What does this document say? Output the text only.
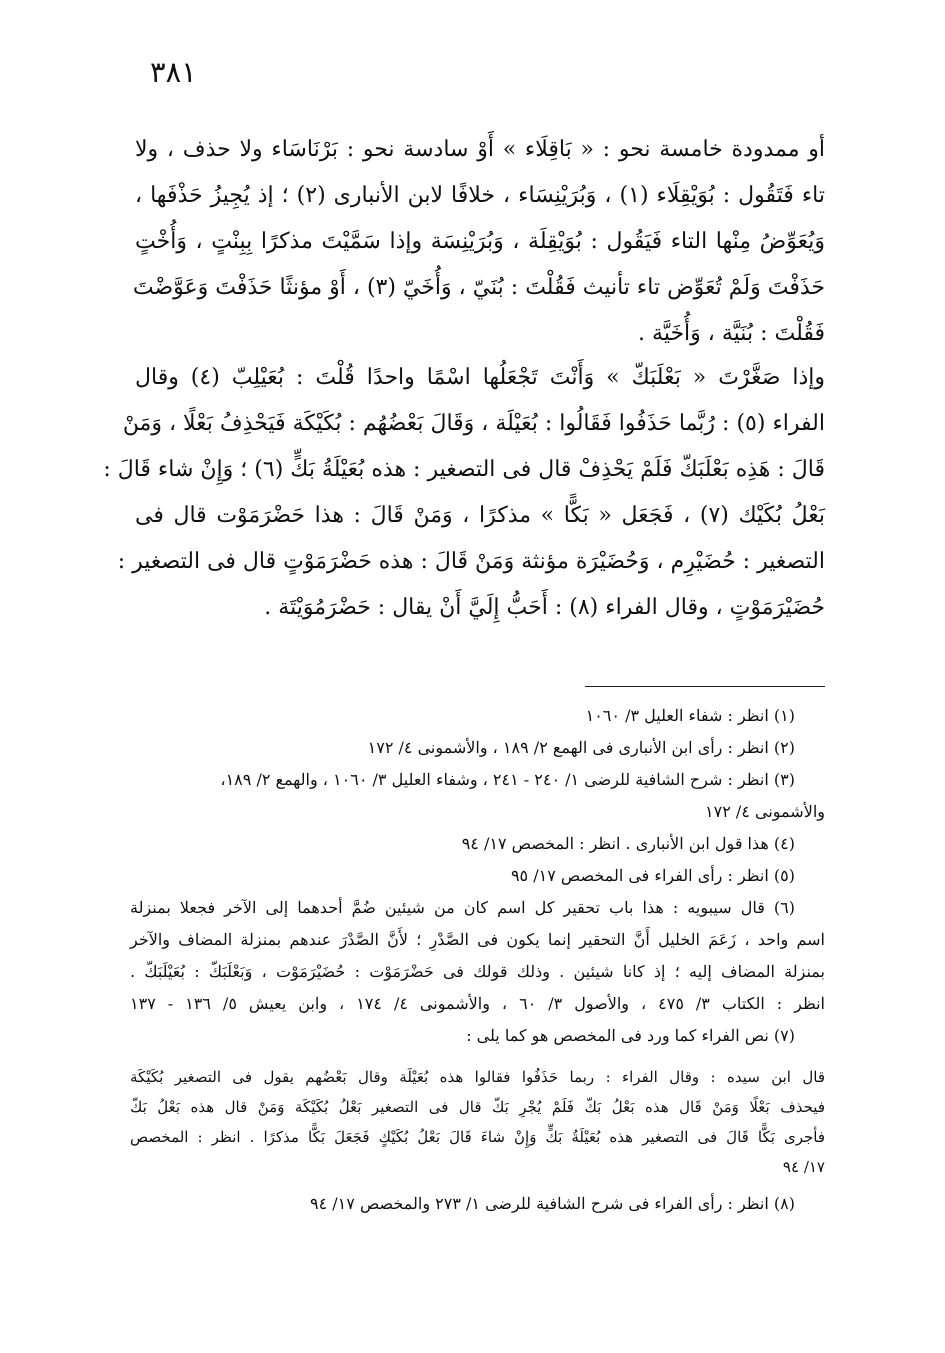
٣٨١
أو ممدودة خامسة نحو : « بَاقِلَاء » أَوْ سادسة نحو : بَرْنَاسَاء ولا حذف ، ولا
تاء فَتَقُول : بُوَيْقِلَاء (١) ، وَبُرَيْنِسَاء ، خلافًا لابن الأنبارى (٢) ؛ إذ يُجِيزُ حَذْفَها ،
وَيُعَوِّضُ مِنْها التاء فَيَقُول : بُوَيْقِلَة ، وَبُرَيْنِسَة وإذا سَمَّيْتَ مذكرًا بِبِنْتٍ ، وَأُخْتٍ
حَذَفْتَ وَلَمْ تُعَوِّض تاء تأنيث فَقُلْتَ : بُنَيّ ، وَأُخَيّ (٣) ، أَوْ مؤنثًا حَذَفْتَ وَعَوَّضْتَ
فَقُلْتَ : بُنَيَّة ، وَأُخَيَّة .
وإذا صَغَّرْتَ « بَعْلَبَكّ » وَأَنْتَ تَجْعَلُها اسْمًا واحدًا قُلْتَ : بُعَيْلِبّ (٤) وقال
الفراء (٥) : رُبَّما حَذَفُوا فَقَالُوا : بُعَيْلَة ، وَقَالَ بَعْضُهُم : بُكَيْكَة فَيَحْذِفُ بَعْلًا ، وَمَنْ
قَالَ : هَذِه بَعْلَبَكّ فَلَمْ يَحْذِفْ قال فى التصغير : هذه بُعَيْلَةُ بَكٍّ (٦) ؛ وَإِنْ شاء قَالَ :
بَعْلُ بُكَيْك (٧) ، فَجَعَل « بَكًّا » مذكرًا ، وَمَنْ قَالَ : هذا حَضْرَمَوْت قال فى
التصغير : حُضَيْرِم ، وَحُضَيْرَة مؤنثة وَمَنْ قَالَ : هذه حَضْرَمَوْتٍ قال فى التصغير :
حُضَيْرَمَوْتٍ ، وقال الفراء (٨) : أَحَبُّ إِلَيَّ أَنْ يقال : حَضْرَمُوَيْتَة .
(١) انظر : شفاء العليل ٣/ ١٠٦٠
(٢) انظر : رأى ابن الأنبارى فى الهمع ٢/ ١٨٩ ، والأشمونى ٤/ ١٧٢
(٣) انظر : شرح الشافية للرضى ١/ ٢٤٠ - ٢٤١ ، وشفاء العليل ٣/ ١٠٦٠ ، والهمع ٢/ ١٨٩،
والأشمونى ٤/ ١٧٢
(٤) هذا قول ابن الأنبارى . انظر : المخصص ١٧/ ٩٤
(٥) انظر : رأى الفراء فى المخصص ١٧/ ٩٥
(٦) قال سيبويه : هذا باب تحقير كل اسم كان من شيئين ضُمَّ أحدهما إلى الآخر فجعلا بمنزلة
اسم واحد ، زَعَمَ الخليل أَنَّ التحقير إنما يكون فى الصَّدْرِ ؛ لأَنَّ الصَّدْرَ عندهم بمنزلة المضاف والآخر
بمنزلة المضاف إليه ؛ إذ كانا شيئين . وذلك قولك فى حَضْرَمَوْت : حُضَيْرَمَوْت ، وَبَعْلَبَكّ : بُعَيْلَبَكّ .
انظر : الكتاب ٣/ ٤٧٥ ، والأصول ٣/ ٦٠ ، والأشمونى ٤/ ١٧٤ ، وابن يعيش ٥/ ١٣٦ - ١٣٧
(٧) نص الفراء كما ورد فى المخصص هو كما يلى :
قال ابن سيده : وقال الفراء : ربما حَذَفُوا فقالوا هذه بُعَيْلَة وقال بَعْضُهم يقول فى التصغير بُكَيْكَة
فيحذف بَعْلًا وَمَنْ قَال هذه بَعْلُ بَكّ فَلَمْ يُجْرِ بَكّ قال فى التصغير بَعْلُ بُكَيْكَة وَمَنْ قال هذه بَعْلُ بَكّ
فأجرى بَكًّا قَالَ فى التصغير هذه بُعَيْلَةُ بَكٍّ وَإِنْ شاءَ قَالَ بَعْلُ بُكَيْكٍ فَجَعَلَ بَكًّا مذكرًا . انظر : المخصص
١٧/ ٩٤
(٨) انظر : رأى الفراء فى شرح الشافية للرضى ١/ ٢٧٣ والمخصص ١٧/ ٩٤
